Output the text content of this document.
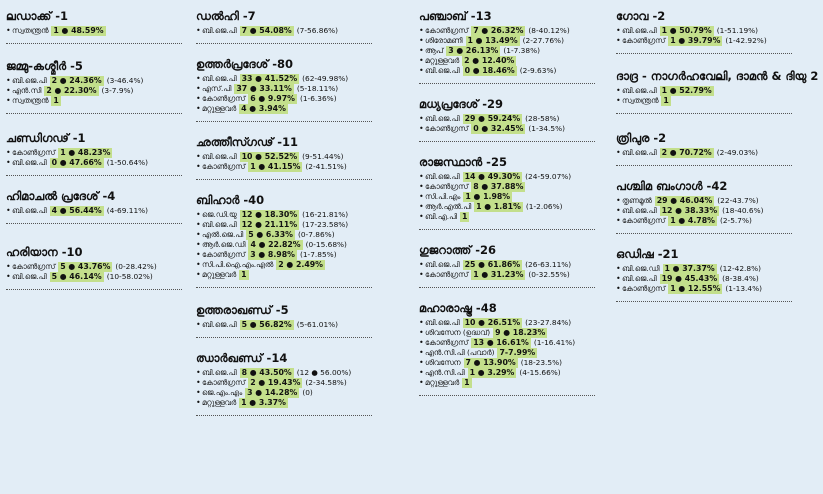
ലഡാക്ക് -1
• സ്വതന്ത്രൻ 1 ● 48.59%
ജമ്മു-കശ്മീർ -5
• ബി.ജെ.പി 2 ● 24.36% (3-46.4%)
• എൻ.സി 2 ● 22.30% (3-7.9%)
• സ്വതന്ത്രൻ 1
ചണ്ഡിഗഢ് -1
• കോൺഗ്രസ് 1 ● 48.23%
• ബി.ജെ.പി 0 ● 47.66% (1-50.64%)
ഹിമാചൽ പ്രദേശ് -4
• ബി.ജെ.പി 4 ● 56.44% (4-69.11%)
ഹരിയാന -10
• കോൺഗ്രസ് 5 ● 43.76% (0-28.42%)
• ബി.ജെ.പി 5 ● 46.14% (10-58.02%)
ഡൽഹി -7
• ബി.ജെ.പി 7 ● 54.08% (7-56.86%)
ഉത്തർപ്രദേശ് -80
• ബി.ജെ.പി 33 ● 41.52% (62-49.98%)
• എസ്.പി 37 ● 33.11% (5-18.11%)
• കോൺഗ്രസ് 6 ● 9.97% (1-6.36%)
• മറ്റുള്ളവർ 4 ● 3.94%
ഛത്തീസ്ഗഢ് -11
• ബി.ജെ.പി 10 ● 52.52% (9-51.44%)
• കോൺഗ്രസ് 1 ● 41.15% (2-41.51%)
ബിഹാർ -40
• ജെ.ഡി.യു 12 ● 18.30% (16-21.81%)
• ബി.ജെ.പി 12 ● 21.11% (17-23.58%)
• എൽ.ജെ.പി 5 ● 6.33% (0-7.86%)
• ആർ.ജെ.ഡി 4 ● 22.82% (0-15.68%)
• കോൺഗ്രസ് 3 ● 8.98% (1-7.85%)
• സി.പി.ഐ.എം.എൽ 2 ● 2.49%
• മറ്റുള്ളവർ 1
ഉത്തരാഖണ്ഡ് -5
• ബി.ജെ.പി 5 ● 56.82% (5-61.01%)
ഝാർഖണ്ഡ് -14
• ബി.ജെ.പി 8 ● 43.50% (12 ● 56.00%)
• കോൺഗ്രസ് 2 ● 19.43% (2-34.58%)
• ജെ.എം.എം 3 ● 14.28% (0)
• മറ്റുള്ളവർ 1 ● 3.37%
പഞ്ചാബ് -13
• കോൺഗ്രസ് 7 ● 26.32% (8-40.12%)
• ശിരോമണി 1 ● 13.49% (2-27.76%)
• ആപ് 3 ● 26.13% (1-7.38%)
• മറ്റുള്ളവർ 2 ● 12.40%
• ബി.ജെ.പി 0 ● 18.46% (2-9.63%)
മധ്യപ്രദേശ് -29
• ബി.ജെ.പി 29 ● 59.24% (28-58%)
• കോൺഗ്രസ് 0 ● 32.45% (1-34.5%)
രാജസ്ഥാൻ -25
• ബി.ജെ.പി 14 ● 49.30% (24-59.07%)
• കോൺഗ്രസ് 8 ● 37.88%
• സി.പി.എം 1 ● 1.98%
• ആർ.എൽ.പി 1 ● 1.81% (1-2.06%)
• ബി.എ.പി 1
ഗുജറാത്ത് -26
• ബി.ജെ.പി 25 ● 61.86% (26-63.11%)
• കോൺഗ്രസ് 1 ● 31.23% (0-32.55%)
മഹാരാഷ്ട്ര -48
• ബി.ജെ.പി 10 ● 26.51% (23-27.84%)
• ശിവസേന (ഉദ്ധവ്) 9 ● 18.23%
• കോൺഗ്രസ് 13 ● 16.61% (1-16.41%)
• എൻ.സി.പി (പവാർ) 7-7.99%
• ശിവസേന 7 ● 13.90% (18-23.5%)
• എൻ.സി.പി 1 ● 3.29% (4-15.66%)
• മറ്റുള്ളവർ 1
ഗോവ -2
• ബി.ജെ.പി 1 ● 50.79% (1-51.19%)
• കോൺഗ്രസ് 1 ● 39.79% (1-42.92%)
ദാദ്ര - നാഗർഹവേലി, ദാമൻ & ദിയു 2
• ബി.ജെ.പി 1 ● 52.79%
• സ്വതന്ത്രൻ 1
ത്രിപുര -2
• ബി.ജെ.പി 2 ● 70.72% (2-49.03%)
പശ്ചിമ ബംഗാൾ -42
• തൃണമൂൽ 29 ● 46.04% (22-43.7%)
• ബി.ജെ.പി 12 ● 38.33% (18-40.6%)
• കോൺഗ്രസ് 1 ● 4.78% (2-5.7%)
ഒഡിഷ -21
• ബി.ജെ.ഡി 1 ● 37.37% (12-42.8%)
• ബി.ജെ.പി 19 ● 45.43% (8-38.4%)
• കോൺഗ്രസ് 1 ● 12.55% (1-13.4%)
